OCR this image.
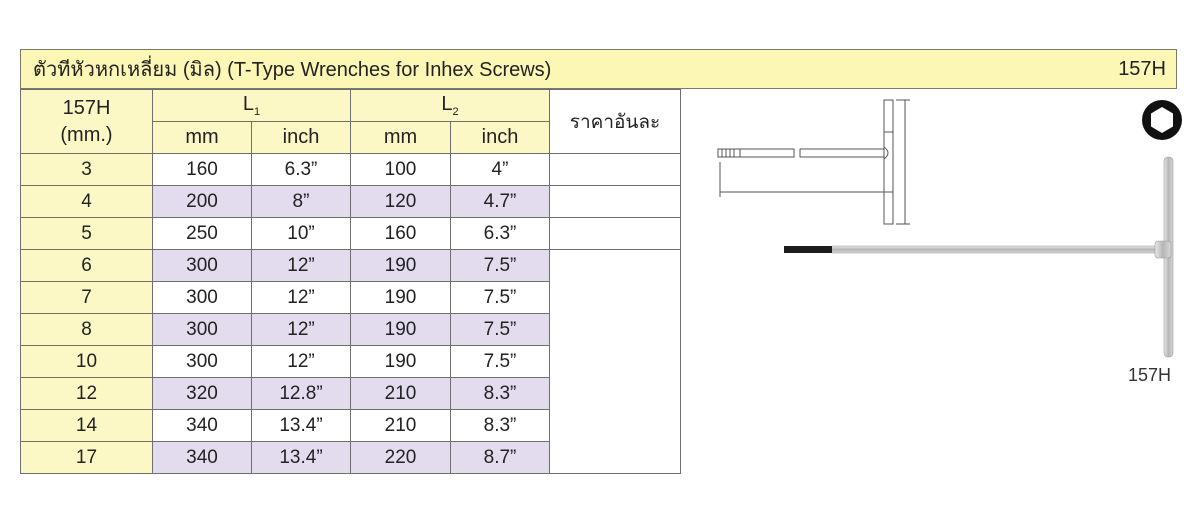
ตัวทีหัวหกเหลี่ยม (มิล) (T-Type Wrenches for Inhex Screws)	157H
157H
(mm.)	$L_1$		$L_2$		ราคาอันละ
	mm	inch	mm	inch	
3	160	6.3”	100	4”	
4	200	8”	120	4.7”	
5	250	10”	160	6.3”	
6	300	12”	190	7.5”	
7	300	12”	190	7.5”	
8	300	12”	190	7.5”	
10	300	12”	190	7.5”	
12	320	12.8”	210	8.3”	
14	340	13.4”	210	8.3”	
17	340	13.4”	220	8.7”	
157H
